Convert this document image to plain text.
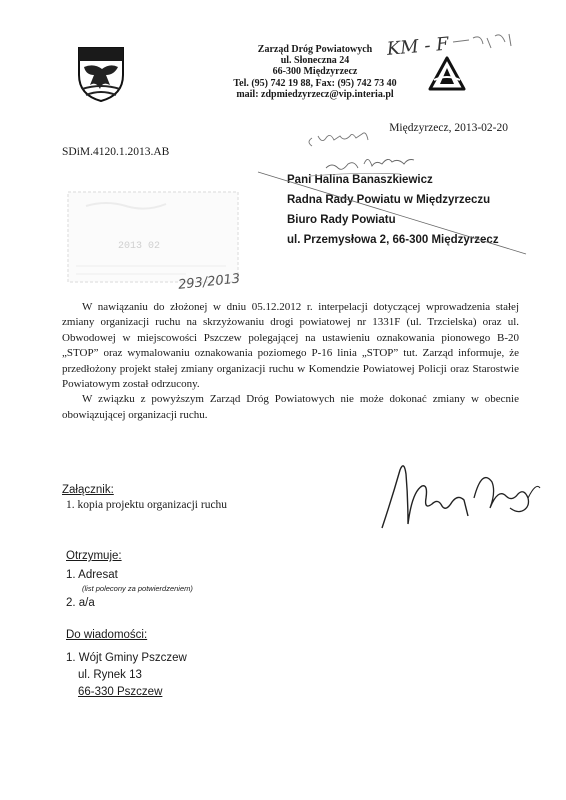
Zarząd Dróg Powiatowych
ul. Słoneczna 24
66-300 Międzyrzecz
Tel. (95) 742 19 88, Fax: (95) 742 73 40
mail: zdpmiedzyrzecz@vip.interia.pl
KM - F
Międzyrzecz, 2013-02-20
SDiM.4120.1.2013.AB
2013 02
293/2013
Pani Halina Banaszkiewicz
Radna Rady Powiatu w Międzyrzeczu
Biuro Rady Powiatu
ul. Przemysłowa 2, 66-300 Międzyrzecz

W nawiązaniu do złożonej w dniu 05.12.2012 r. interpelacji dotyczącej wprowadzenia stałej zmiany organizacji ruchu na skrzyżowaniu drogi powiatowej nr 1331F (ul. Trzcielska) oraz ul. Obwodowej w miejscowości Pszczew polegającej na ustawieniu oznakowania pionowego B-20 „STOP” oraz wymalowaniu oznakowania poziomego P-16 linia „STOP” tut. Zarząd informuje, że przedłożony projekt stałej zmiany organizacji ruchu w Komendzie Powiatowej Policji oraz Starostwie Powiatowym został odrzucony.

W związku z powyższym Zarząd Dróg Powiatowych nie może dokonać zmiany w obecnie obowiązującej organizacji ruchu.

Załącznik:
1. kopia projektu organizacji ruchu
Otrzymuje:
1. Adresat
(list polecony za potwierdzeniem)
2. a/a
Do wiadomości:
1. Wójt Gminy Pszczew
ul. Rynek 13
66-330 Pszczew
